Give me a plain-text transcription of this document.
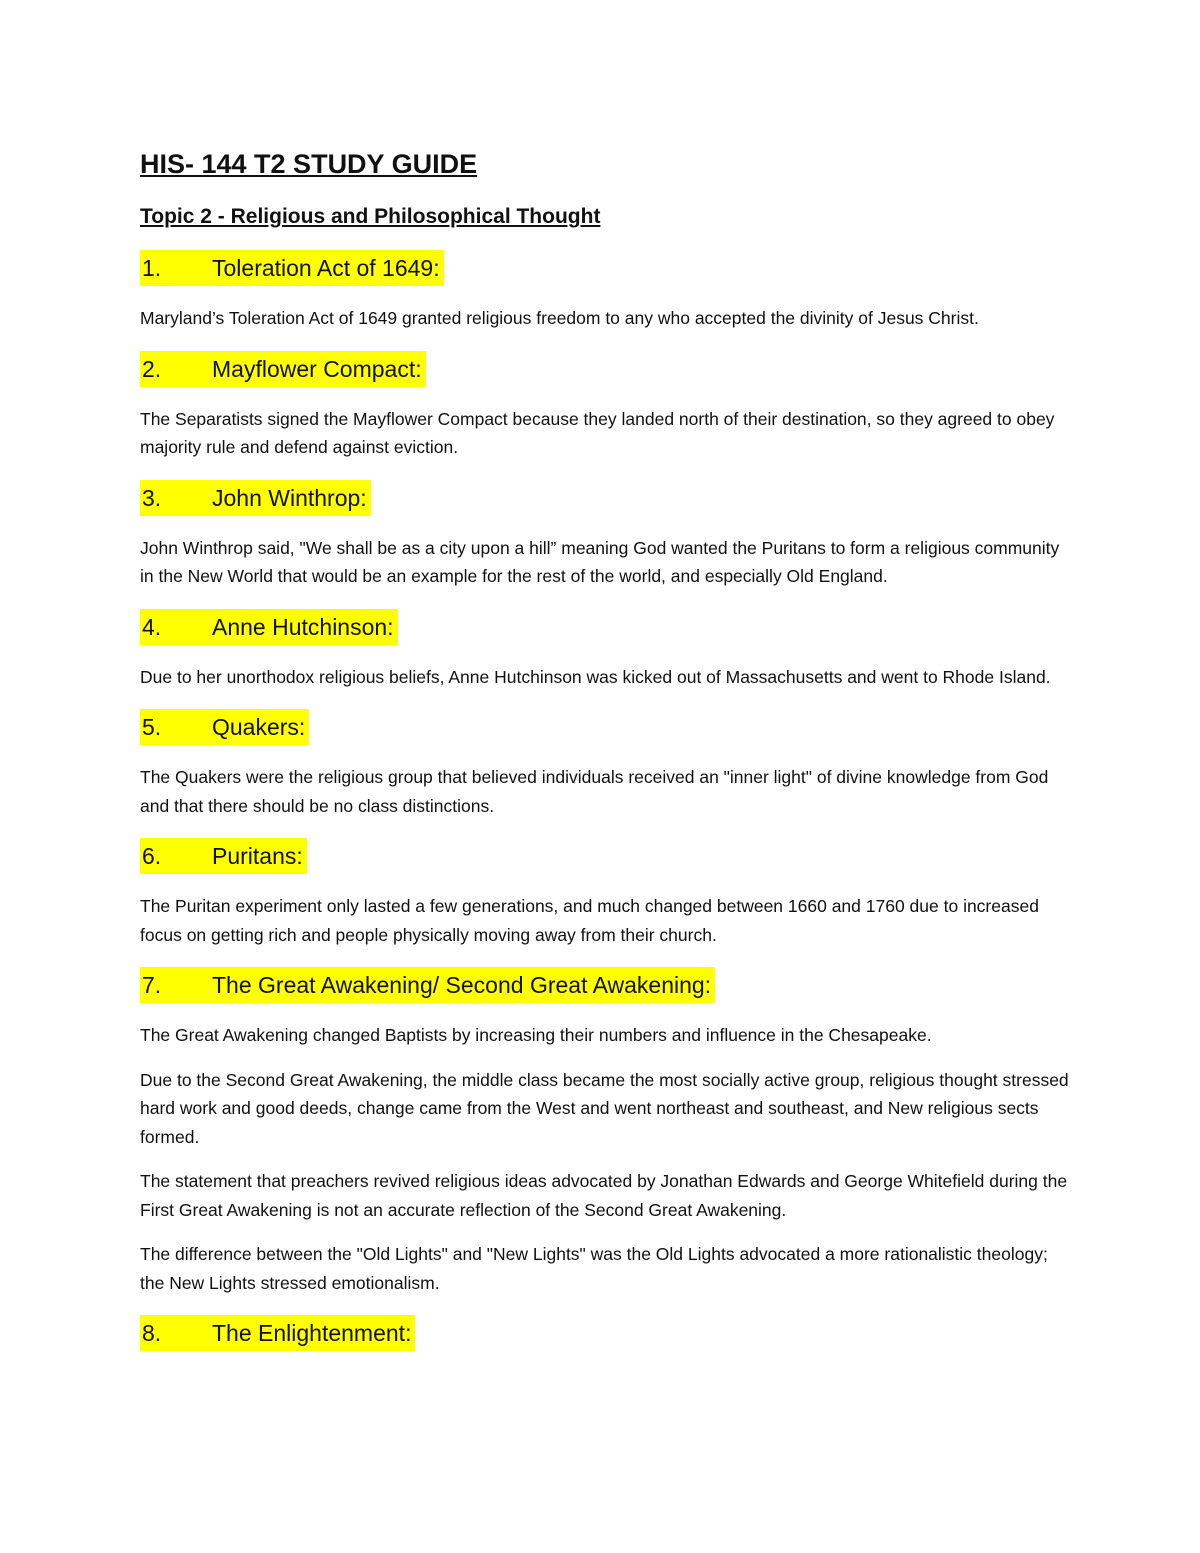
HIS- 144 T2 STUDY GUIDE
Topic 2 - Religious and Philosophical Thought
1. Toleration Act of 1649:

Maryland’s Toleration Act of 1649 granted religious freedom to any who accepted the divinity of Jesus Christ.

2. Mayflower Compact:

The Separatists signed the Mayflower Compact because they landed north of their destination, so they agreed to obey majority rule and defend against eviction.

3. John Winthrop:

John Winthrop said, "We shall be as a city upon a hill” meaning God wanted the Puritans to form a religious community in the New World that would be an example for the rest of the world, and especially Old England.

4. Anne Hutchinson:

Due to her unorthodox religious beliefs, Anne Hutchinson was kicked out of Massachusetts and went to Rhode Island.

5. Quakers:

The Quakers were the religious group that believed individuals received an "inner light" of divine knowledge from God and that there should be no class distinctions.

6. Puritans:

The Puritan experiment only lasted a few generations, and much changed between 1660 and 1760 due to increased focus on getting rich and people physically moving away from their church.

7. The Great Awakening/ Second Great Awakening:

The Great Awakening changed Baptists by increasing their numbers and influence in the Chesapeake.

Due to the Second Great Awakening, the middle class became the most socially active group, religious thought stressed hard work and good deeds, change came from the West and went northeast and southeast, and New religious sects formed.

The statement that preachers revived religious ideas advocated by Jonathan Edwards and George Whitefield during the First Great Awakening is not an accurate reflection of the Second Great Awakening.

The difference between the "Old Lights" and "New Lights" was the Old Lights advocated a more rationalistic theology; the New Lights stressed emotionalism.

8. The Enlightenment:
